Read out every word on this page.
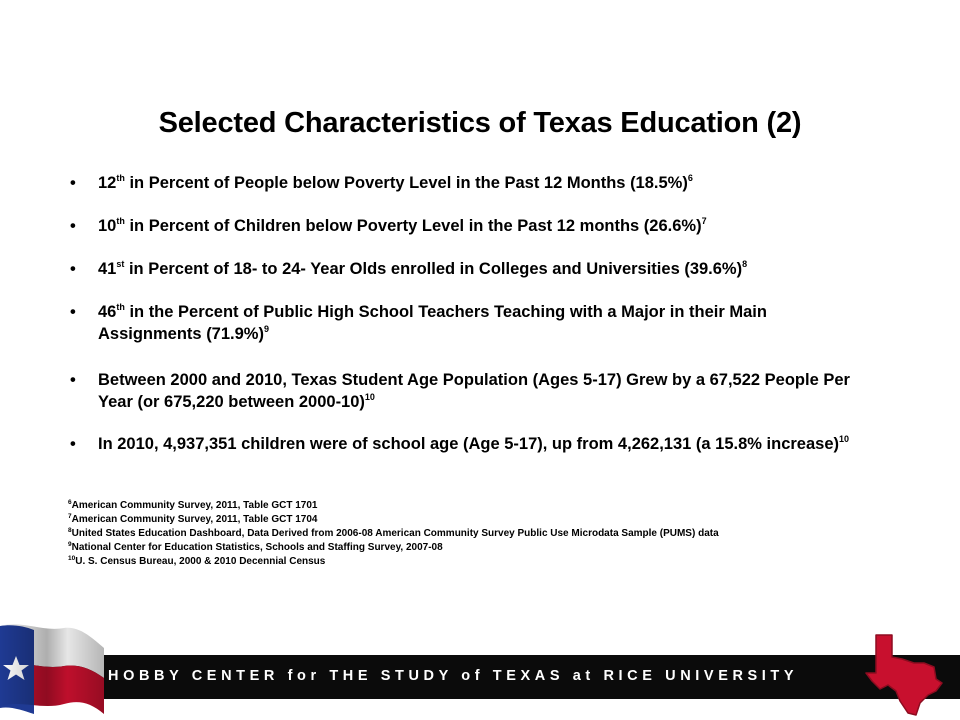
Selected Characteristics of Texas Education (2)
• 12th in Percent of People below Poverty Level in the Past 12 Months $(18.5\%)^6$
• 10th in Percent of Children below Poverty Level in the Past 12 months $(26.6\%)^7$
• 41st in Percent of 18- to 24- Year Olds enrolled in Colleges and Universities $(39.6\%)^8$
• 46th in the Percent of Public High School Teachers Teaching with a Major in their Main Assignments $(71.9\%)^9$
• Between 2000 and 2010, Texas Student Age Population (Ages 5-17) Grew by a 67,522 People Per Year (or 675,220 between 2000-10)$^{10}$
• In 2010, 4,937,351 children were of school age (Age 5-17), up from 4,262,131 (a 15.8% increase)$^{10}$
$^6$American Community Survey, 2011, Table GCT 1701
$^7$American Community Survey, 2011, Table GCT 1704
$^8$United States Education Dashboard, Data Derived from 2006-08 American Community Survey Public Use Microdata Sample (PUMS) data
$^9$National Center for Education Statistics, Schools and Staffing Survey, 2007-08
$^{10}$U. S. Census Bureau, 2000 & 2010 Decennial Census
HOBBY CENTER for THE STUDY of TEXAS at RICE UNIVERSITY
